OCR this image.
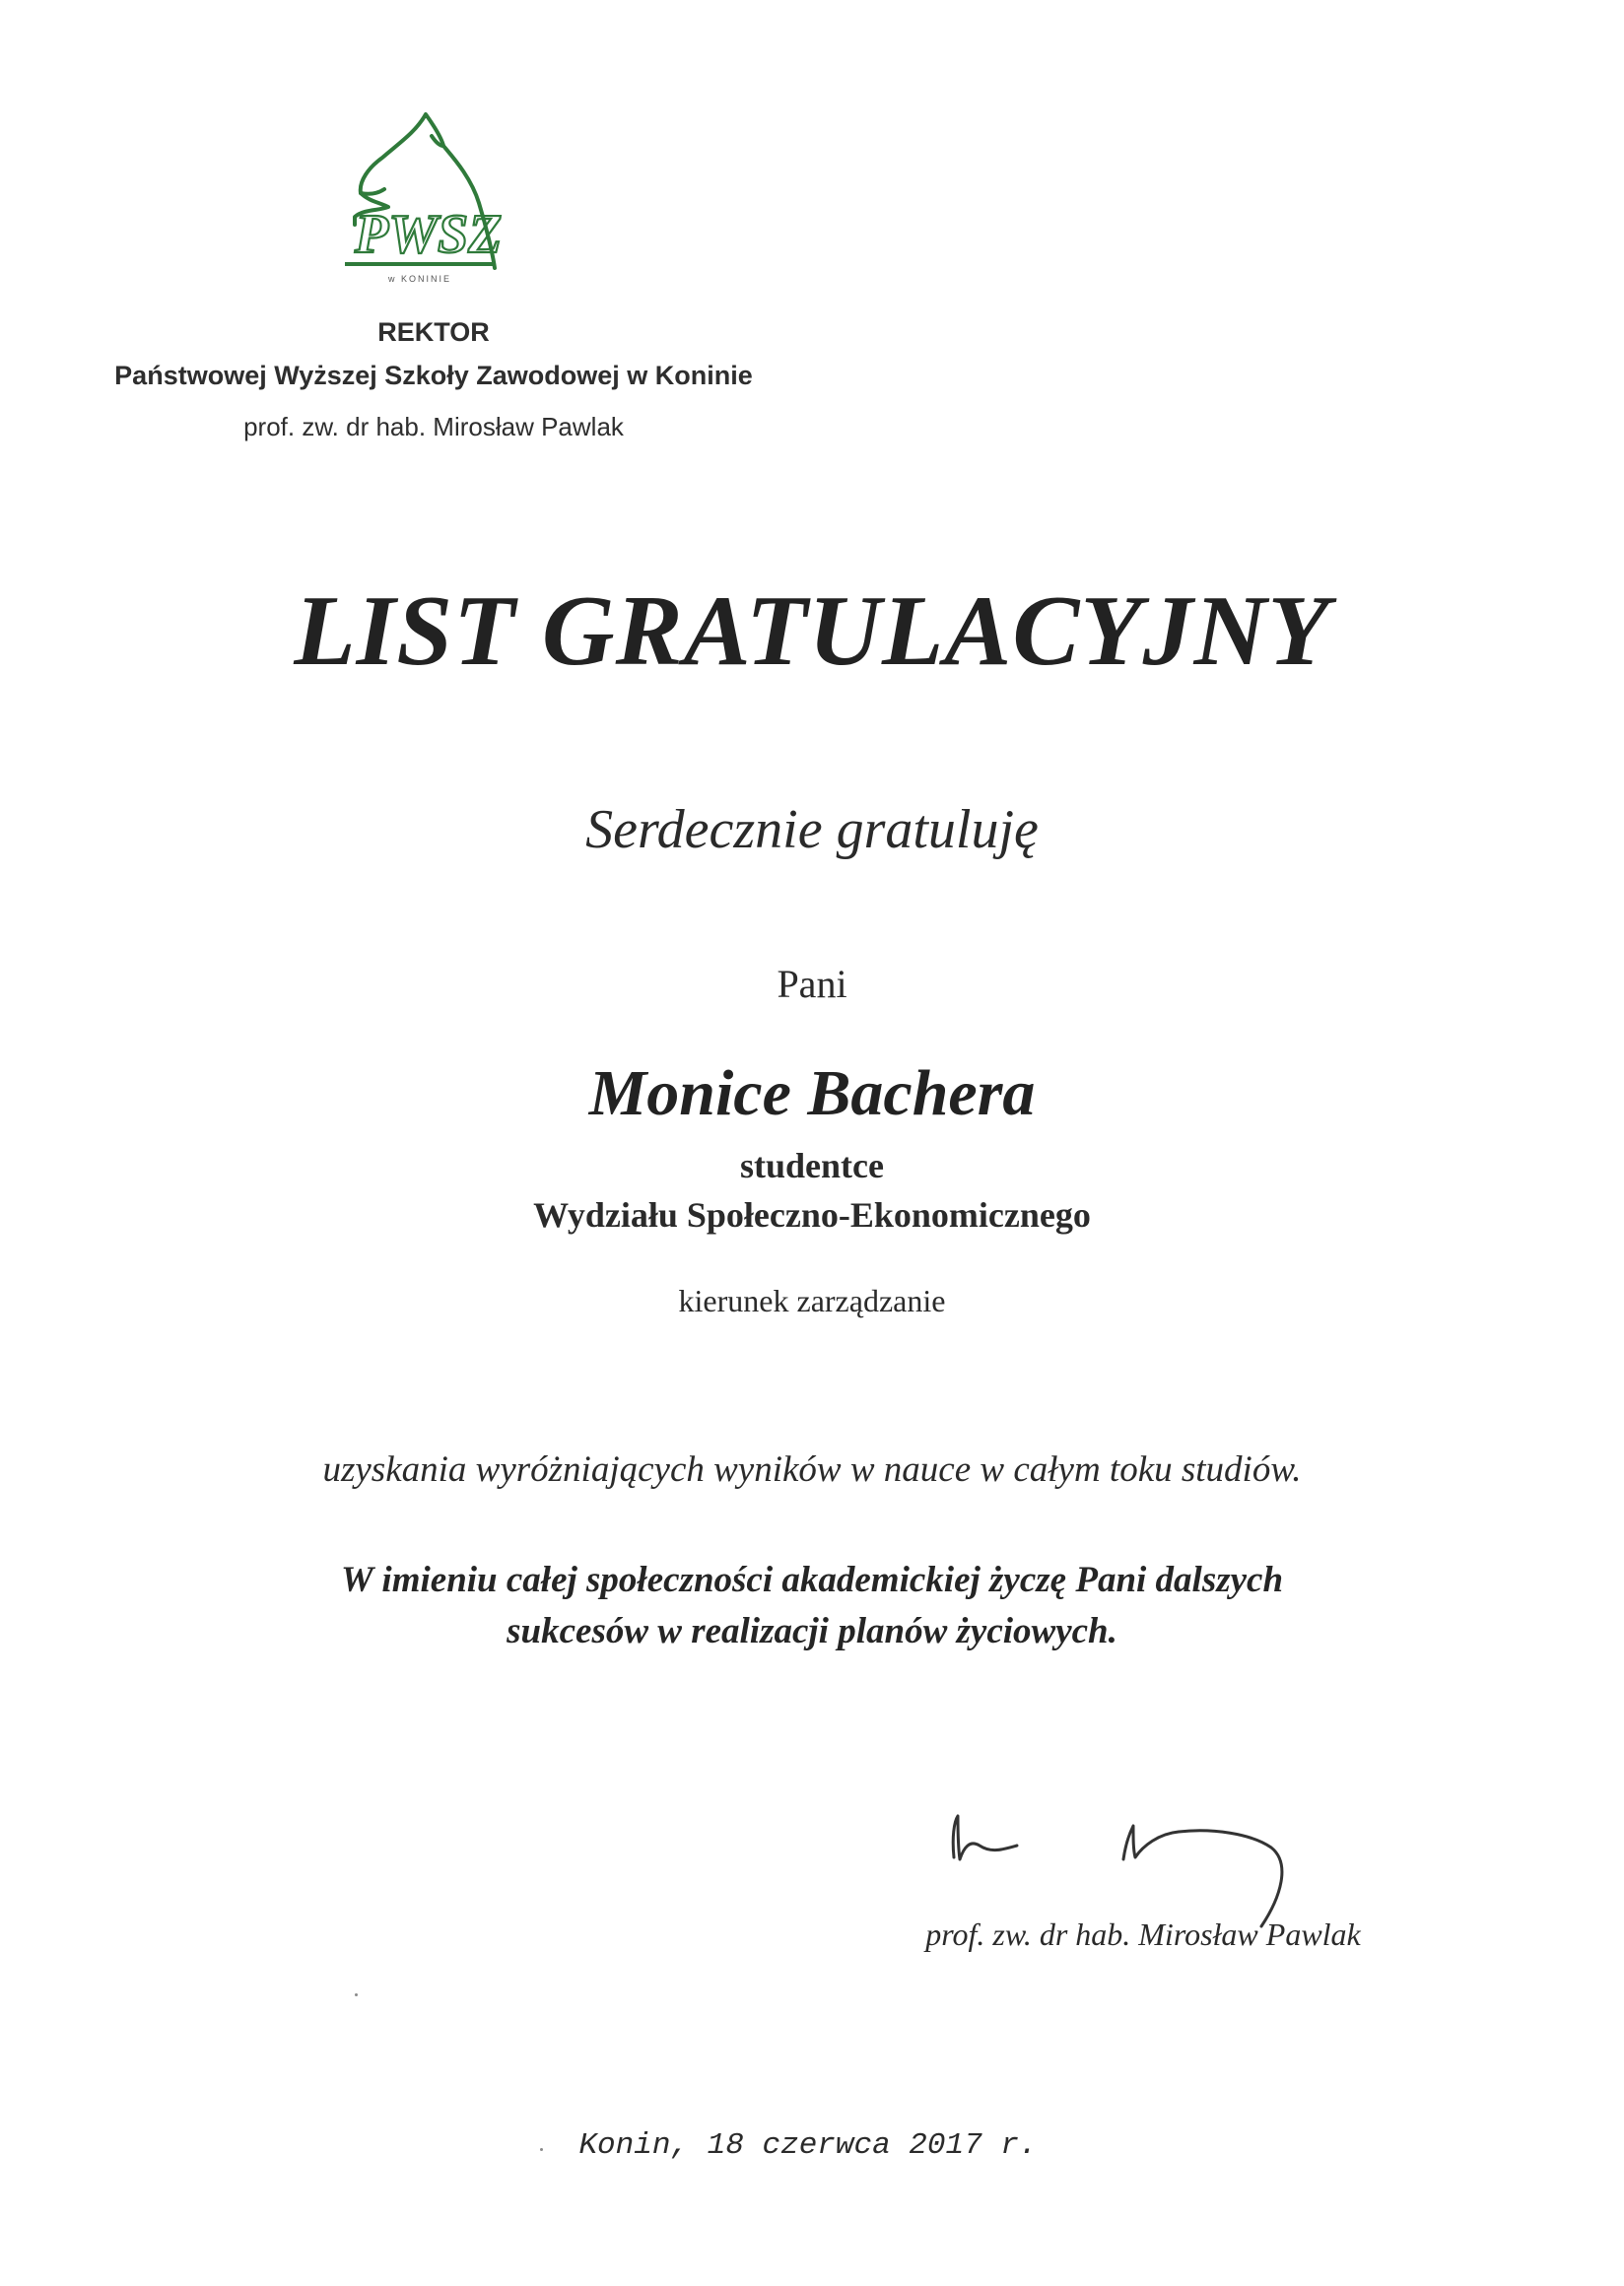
PWSZ
w KONINIE
REKTOR
Państwowej Wyższej Szkoły Zawodowej w Koninie
prof. zw. dr hab. Mirosław Pawlak
LIST GRATULACYJNY
Serdecznie gratuluję
Pani
Monice Bachera
studentce
Wydziału Społeczno-Ekonomicznego
kierunek zarządzanie
uzyskania wyróżniających wyników w nauce w całym toku studiów.
W imieniu całej społeczności akademickiej życzę Pani dalszych
sukcesów w realizacji planów życiowych.
prof. zw. dr hab. Mirosław Pawlak
Konin, 18 czerwca 2017 r.
